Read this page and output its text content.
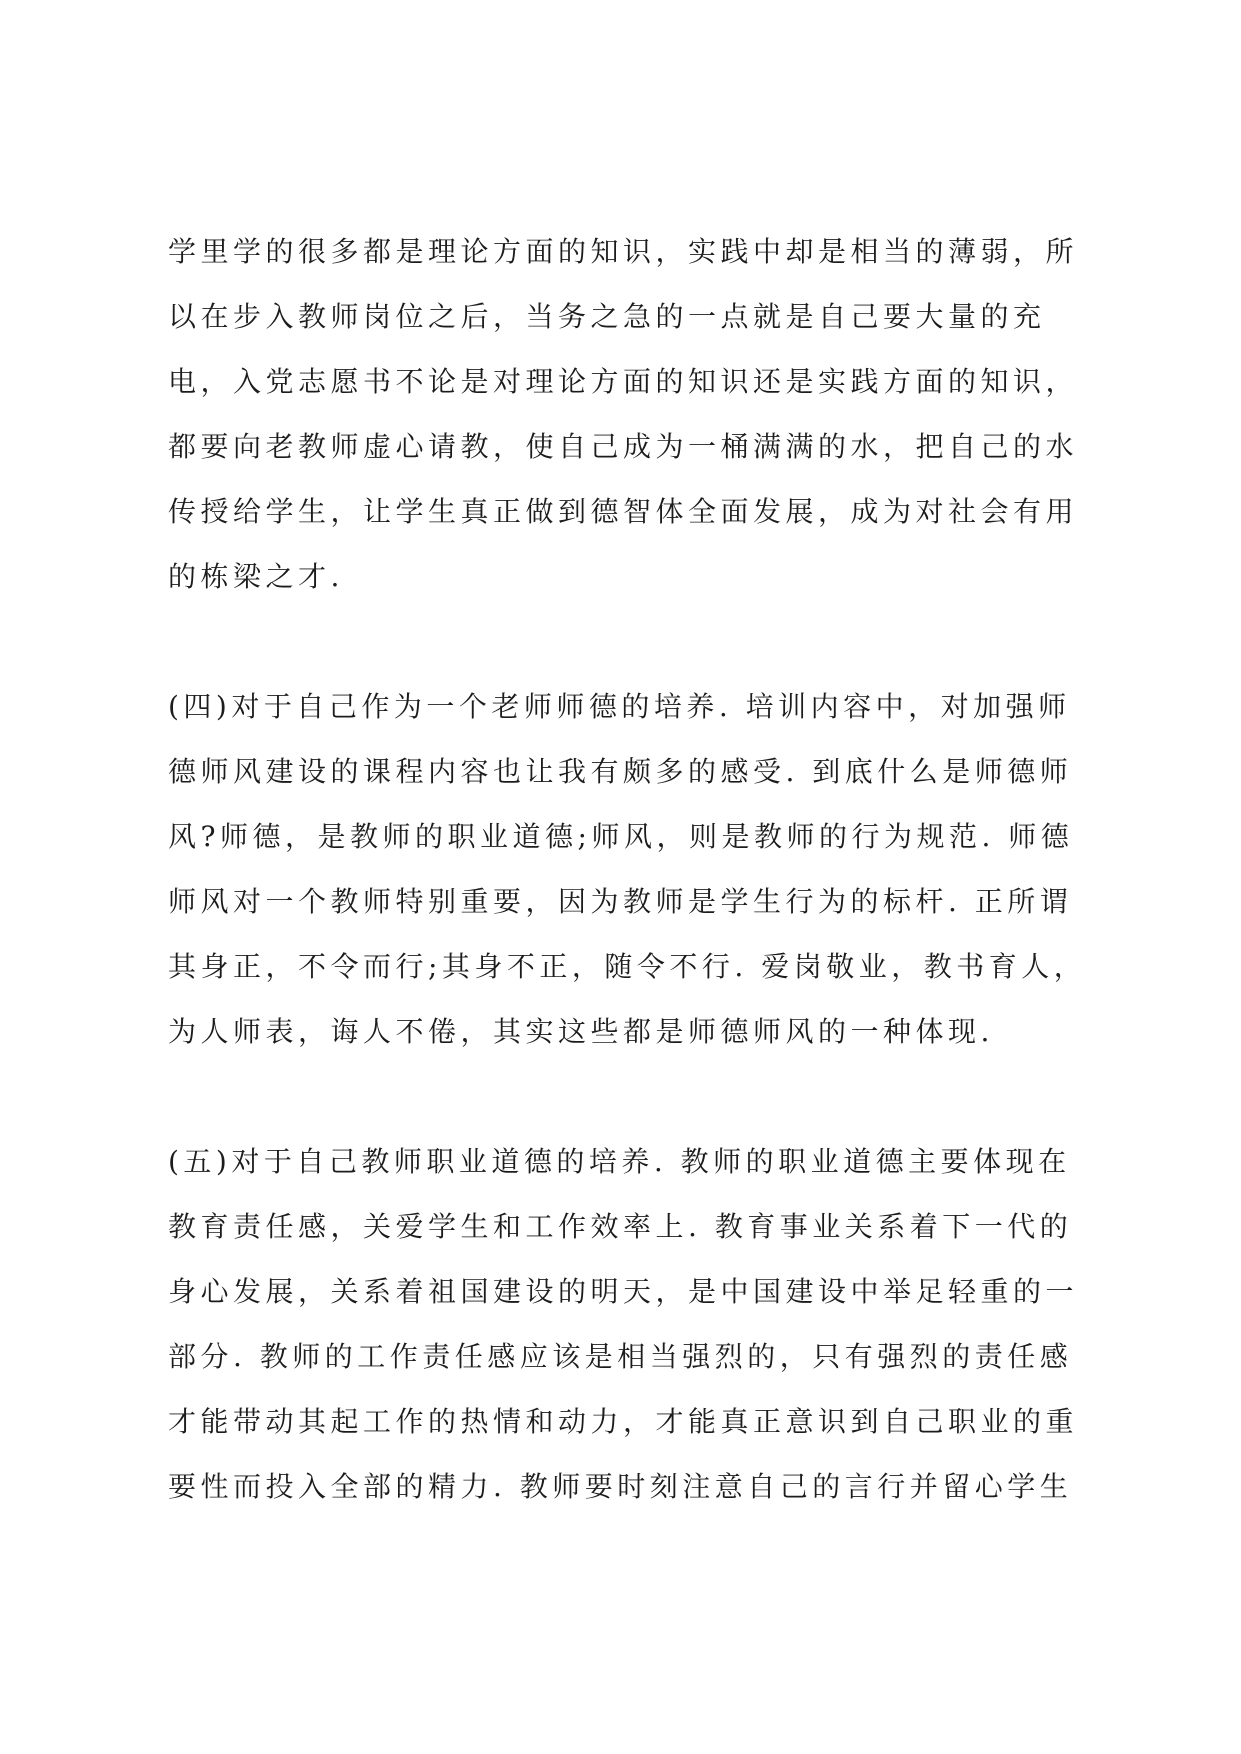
学里学的很多都是理论方面的知识，实践中却是相当的薄弱，所
以在步入教师岗位之后，当务之急的一点就是自己要大量的充
电，入党志愿书不论是对理论方面的知识还是实践方面的知识，
都要向老教师虚心请教，使自己成为一桶满满的水，把自己的水
传授给学生，让学生真正做到德智体全面发展，成为对社会有用
的栋梁之才.
(四)对于自己作为一个老师师德的培养. 培训内容中，对加强师
德师风建设的课程内容也让我有颇多的感受. 到底什么是师德师
风?师德，是教师的职业道德;师风，则是教师的行为规范. 师德
师风对一个教师特别重要，因为教师是学生行为的标杆. 正所谓
其身正，不令而行;其身不正，随令不行. 爱岗敬业，教书育人，
为人师表，诲人不倦，其实这些都是师德师风的一种体现.
(五)对于自己教师职业道德的培养. 教师的职业道德主要体现在
教育责任感，关爱学生和工作效率上. 教育事业关系着下一代的
身心发展，关系着祖国建设的明天，是中国建设中举足轻重的一
部分. 教师的工作责任感应该是相当强烈的，只有强烈的责任感
才能带动其起工作的热情和动力，才能真正意识到自己职业的重
要性而投入全部的精力. 教师要时刻注意自己的言行并留心学生
